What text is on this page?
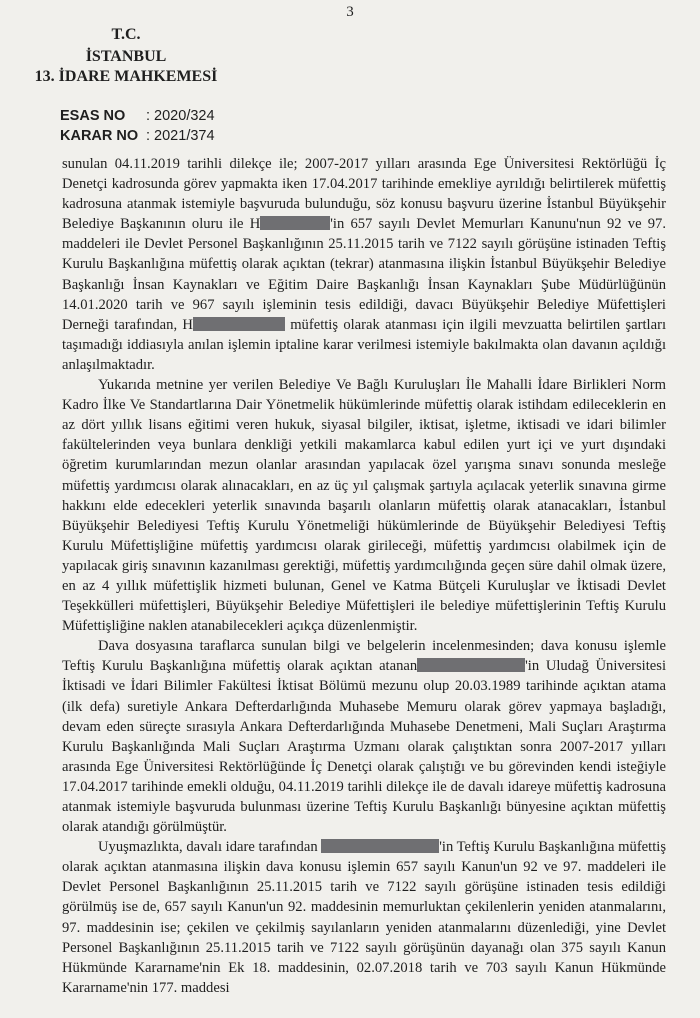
3
T.C.
İSTANBUL
13. İDARE MAHKEMESİ
ESAS NO : 2020/324
KARAR NO : 2021/374

sunulan 04.11.2019 tarihli dilekçe ile; 2007-2017 yılları arasında Ege Üniversitesi Rektörlüğü İç Denetçi kadrosunda görev yapmakta iken 17.04.2017 tarihinde emekliye ayrıldığı belirtilerek müfettiş kadrosuna atanmak istemiyle başvuruda bulunduğu, söz konusu başvuru üzerine İstanbul Büyükşehir Belediye Başkanının oluru ile H	'in 657 sayılı Devlet Memurları Kanunu'nun 92 ve 97. maddeleri ile Devlet Personel Başkanlığının 25.11.2015 tarih ve 7122 sayılı görüşüne istinaden Teftiş Kurulu Başkanlığına müfettiş olarak açıktan (tekrar) atanmasına ilişkin İstanbul Büyükşehir Belediye Başkanlığı İnsan Kaynakları ve Eğitim Daire Başkanlığı İnsan Kaynakları Şube Müdürlüğünün 14.01.2020 tarih ve 967 sayılı işleminin tesis edildiği, davacı Büyükşehir Belediye Müfettişleri Derneği tarafından, H	müfettiş olarak atanması için ilgili mevzuatta belirtilen şartları taşımadığı iddiasıyla anılan işlemin iptaline karar verilmesi istemiyle bakılmakta olan davanın açıldığı anlaşılmaktadır.

Yukarıda metnine yer verilen Belediye Ve Bağlı Kuruluşları İle Mahalli İdare Birlikleri Norm Kadro İlke Ve Standartlarına Dair Yönetmelik hükümlerinde müfettiş olarak istihdam edileceklerin en az dört yıllık lisans eğitimi veren hukuk, siyasal bilgiler, iktisat, işletme, iktisadi ve idari bilimler fakültelerinden veya bunlara denkliği yetkili makamlarca kabul edilen yurt içi ve yurt dışındaki öğretim kurumlarından mezun olanlar arasından yapılacak özel yarışma sınavı sonunda mesleğe müfettiş yardımcısı olarak alınacakları, en az üç yıl çalışmak şartıyla açılacak yeterlik sınavına girme hakkını elde edecekleri yeterlik sınavında başarılı olanların müfettiş olarak atanacakları, İstanbul Büyükşehir Belediyesi Teftiş Kurulu Yönetmeliği hükümlerinde de Büyükşehir Belediyesi Teftiş Kurulu Müfettişliğine müfettiş yardımcısı olarak girileceği, müfettiş yardımcısı olabilmek için de yapılacak giriş sınavının kazanılması gerektiği, müfettiş yardımcılığında geçen süre dahil olmak üzere, en az 4 yıllık müfettişlik hizmeti bulunan, Genel ve Katma Bütçeli Kuruluşlar ve İktisadi Devlet Teşekkülleri müfettişleri, Büyükşehir Belediye Müfettişleri ile belediye müfettişlerinin Teftiş Kurulu Müfettişliğine naklen atanabilecekleri açıkça düzenlenmiştir.

Dava dosyasına taraflarca sunulan bilgi ve belgelerin incelenmesinden; dava konusu işlemle Teftiş Kurulu Başkanlığına müfettiş olarak açıktan atanan	'in Uludağ Üniversitesi İktisadi ve İdari Bilimler Fakültesi İktisat Bölümü mezunu olup 20.03.1989 tarihinde açıktan atama (ilk defa) suretiyle Ankara Defterdarlığında Muhasebe Memuru olarak görev yapmaya başladığı, devam eden süreçte sırasıyla Ankara Defterdarlığında Muhasebe Denetmeni, Mali Suçları Araştırma Kurulu Başkanlığında Mali Suçları Araştırma Uzmanı olarak çalıştıktan sonra 2007-2017 yılları arasında Ege Üniversitesi Rektörlüğünde İç Denetçi olarak çalıştığı ve bu görevinden kendi isteğiyle 17.04.2017 tarihinde emekli olduğu, 04.11.2019 tarihli dilekçe ile de davalı idareye müfettiş kadrosuna atanmak istemiyle başvuruda bulunması üzerine Teftiş Kurulu Başkanlığı bünyesine açıktan müfettiş olarak atandığı görülmüştür.

Uyuşmazlıkta, davalı idare tarafından	'in Teftiş Kurulu Başkanlığına müfettiş olarak açıktan atanmasına ilişkin dava konusu işlemin 657 sayılı Kanun'un 92 ve 97. maddeleri ile Devlet Personel Başkanlığının 25.11.2015 tarih ve 7122 sayılı görüşüne istinaden tesis edildiği görülmüş ise de, 657 sayılı Kanun'un 92. maddesinin memurluktan çekilenlerin yeniden atanmalarını, 97. maddesinin ise; çekilen ve çekilmiş sayılanların yeniden atanmalarını düzenlediği, yine Devlet Personel Başkanlığının 25.11.2015 tarih ve 7122 sayılı görüşünün dayanağı olan 375 sayılı Kanun Hükmünde Kararname'nin Ek 18. maddesinin, 02.07.2018 tarih ve 703 sayılı Kanun Hükmünde Kararname'nin 177. maddesi
